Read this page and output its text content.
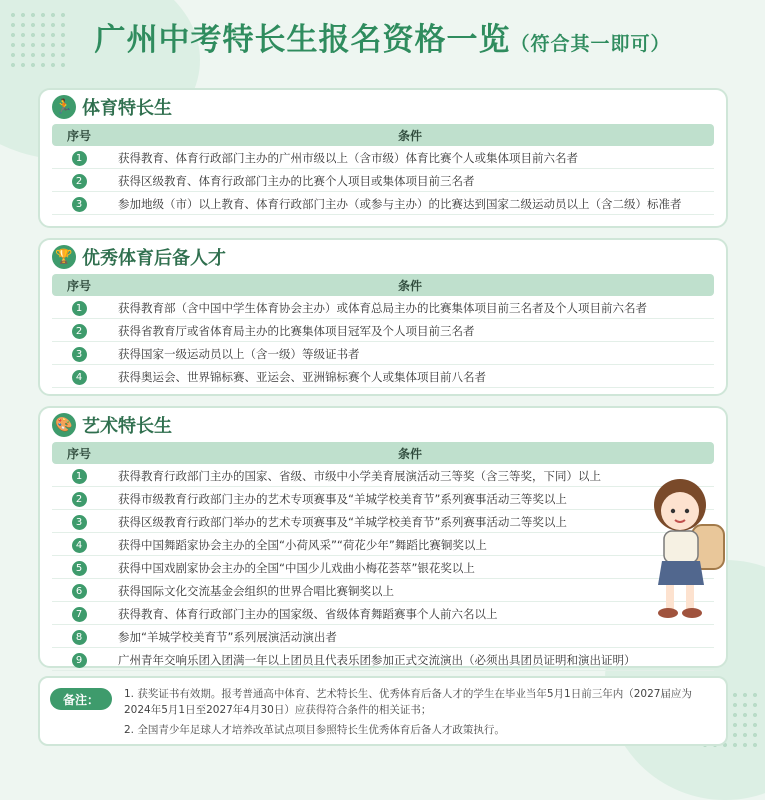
广州中考特长生报名资格一览（符合其一即可）
🏃 体育特长生
序号	条件
1	获得教育、体育行政部门主办的广州市级以上（含市级）体育比赛个人或集体项目前六名者
2	获得区级教育、体育行政部门主办的比赛个人项目或集体项目前三名者
3	参加地级（市）以上教育、体育行政部门主办（或参与主办）的比赛达到国家二级运动员以上（含二级）标准者
🏆 优秀体育后备人才
序号	条件
1	获得教育部（含中国中学生体育协会主办）或体育总局主办的比赛集体项目前三名者及个人项目前六名者
2	获得省教育厅或省体育局主办的比赛集体项目冠军及个人项目前三名者
3	获得国家一级运动员以上（含一级）等级证书者
4	获得奥运会、世界锦标赛、亚运会、亚洲锦标赛个人或集体项目前八名者
🎨 艺术特长生
序号	条件
1	获得教育行政部门主办的国家、省级、市级中小学美育展演活动三等奖（含三等奖，下同）以上
2	获得市级教育行政部门主办的艺术专项赛事及“羊城学校美育节”系列赛事活动三等奖以上
3	获得区级教育行政部门举办的艺术专项赛事及“羊城学校美育节”系列赛事活动二等奖以上
4	获得中国舞蹈家协会主办的全国“小荷风采”“荷花少年”舞蹈比赛铜奖以上
5	获得中国戏剧家协会主办的全国“中国少儿戏曲小梅花荟萃”银花奖以上
6	获得国际文化交流基金会组织的世界合唱比赛铜奖以上
7	获得教育、体育行政部门主办的国家级、省级体育舞蹈赛事个人前六名以上
8	参加“羊城学校美育节”系列展演活动演出者
9	广州青年交响乐团入团满一年以上团员且代表乐团参加正式交流演出（必须出具团员证明和演出证明）
备注：	1. 获奖证书有效期。报考普通高中体育、艺术特长生、优秀体育后备人才的学生在毕业当年5月1日前三年内（2027届应为2024年5月1日至2027年4月30日）应获得符合条件的相关证书；

2. 全国青少年足球人才培养改革试点项目参照特长生优秀体育后备人才政策执行。
